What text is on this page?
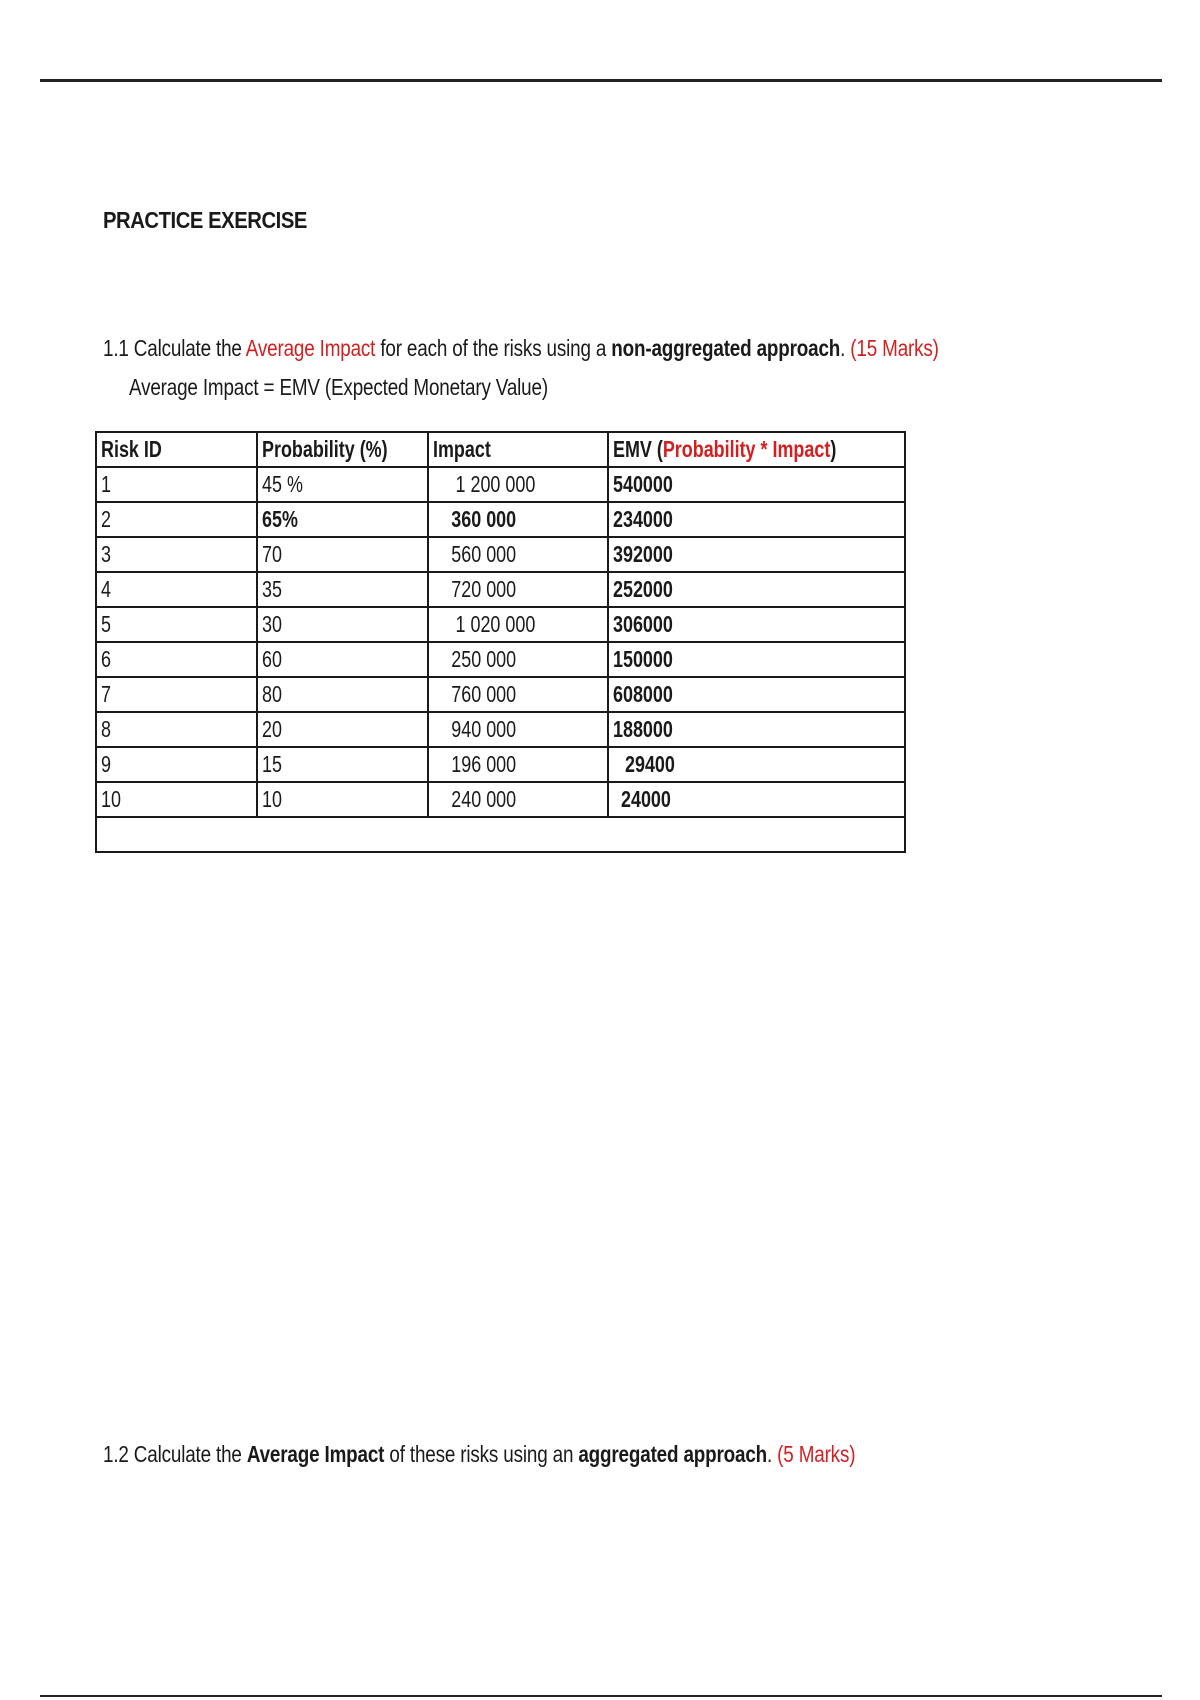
PRACTICE EXERCISE
1.1 Calculate the Average Impact for each of the risks using a non-aggregated approach. (15 Marks)
Average Impact = EMV (Expected Monetary Value)
Risk ID	Probability (%)	Impact	EMV (Probability * Impact)
1	45 %	1 200 000	540000
2	65%	360 000	234000
3	70	560 000	392000
4	35	720 000	252000
5	30	1 020 000	306000
6	60	250 000	150000
7	80	760 000	608000
8	20	940 000	188000
9	15	196 000	29400
10	10	240 000	24000

1.2 Calculate the Average Impact of these risks using an aggregated approach. (5 Marks)
